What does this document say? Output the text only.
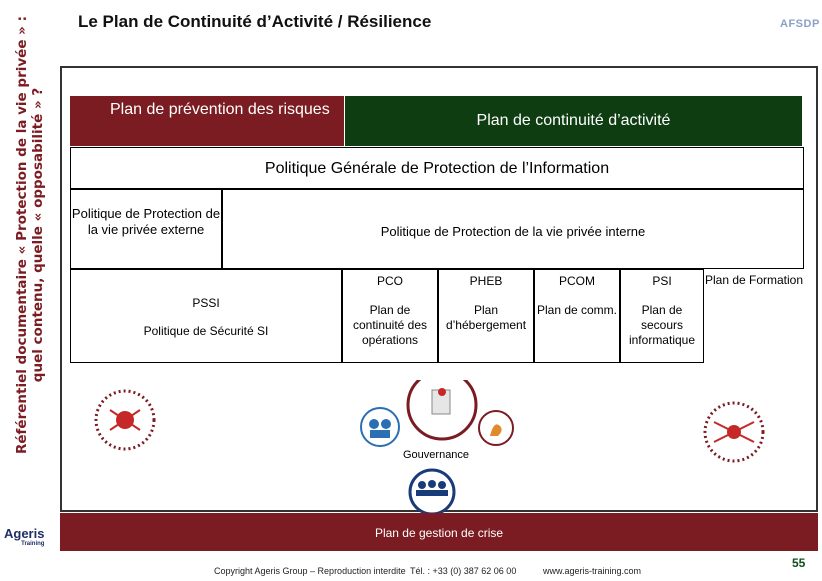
Référentiel documentaire « Protection de la vie privée » : quel contenu, quelle « opposabilité » ?
Le Plan de Continuité d’Activité / Résilience	AFSDP
Plan de prévention des risques
Plan de continuité d’activité
Politique Générale de Protection de l’Information
Politique de Protection de la vie privée externe	Politique de Protection de la vie privée interne
PSSI
Politique de Sécurité SI
PCO
Plan de continuité des opérations
PHEB
Plan d’hébergement
PCOM
Plan de comm.
PSI
Plan de secours informatique
Plan de Formation
Gouvernance
Plan de gestion de crise
Ageris
Training
Copyright Ageris Group – Reproduction interdite Tél. : +33 (0) 387 62 06 00	www.ageris-training.com
55
